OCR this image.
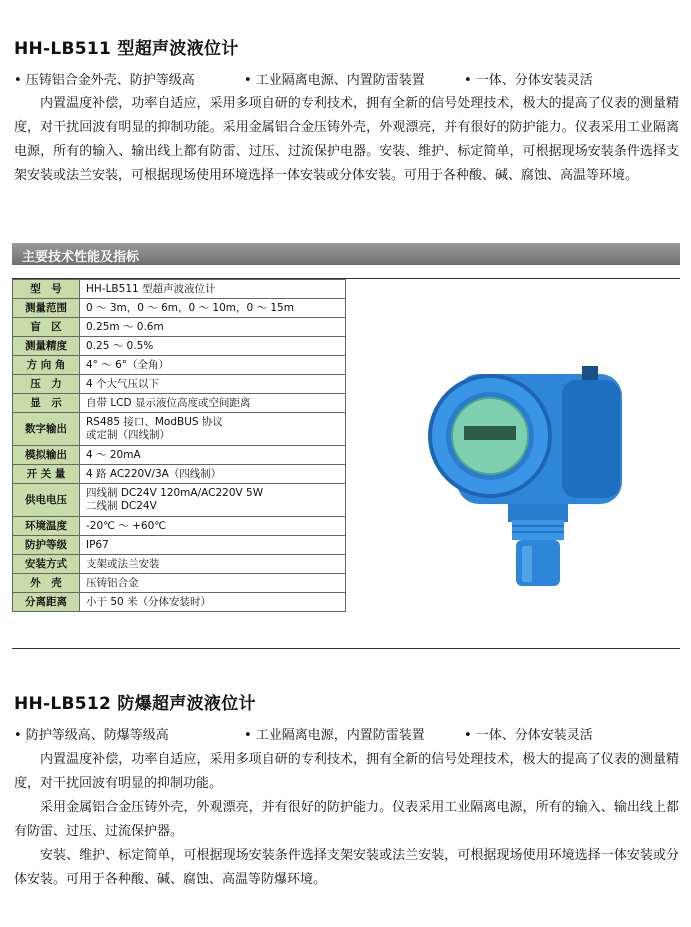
HH-LB511 型超声波液位计
• 压铸铝合金外壳、防护等级高	• 工业隔离电源、内置防雷装置	• 一体、分体安装灵活

内置温度补偿，功率自适应，采用多项自研的专利技术，拥有全新的信号处理技术，极大的提高了仪表的测量精度，对干扰回波有明显的抑制功能。采用金属铝合金压铸外壳，外观漂亮，并有很好的防护能力。仪表采用工业隔离电源，所有的输入、输出线上都有防雷、过压、过流保护电器。安装、维护、标定简单，可根据现场安装条件选择支架安装或法兰安装，可根据现场使用环境选择一体安装或分体安装。可用于各种酸、碱、腐蚀、高温等环境。

主要技术性能及指标
型　号	HH-LB511 型超声波液位计
测量范围	0 ～ 3m，0 ～ 6m，0 ～ 10m，0 ～ 15m
盲　区	0.25m ～ 0.6m
测量精度	0.25 ～ 0.5%
方 向 角	4° ～ 6°（全角）
压　力	4 个大气压以下
显　示	自带 LCD 显示液位高度或空间距离
数字输出	RS485 接口、ModBUS 协议
或定制（四线制）

模拟输出	4 ～ 20mA
开 关 量	4 路 AC220V/3A（四线制）
供电电压	四线制 DC24V 120mA/AC220V 5W
二线制 DC24V

环境温度	-20℃ ～ +60℃
防护等级	IP67
安装方式	支架或法兰安装
外　壳	压铸铝合金
分离距离	小于 50 米（分体安装时）
HH-LB512 防爆超声波液位计
• 防护等级高、防爆等级高	• 工业隔离电源，内置防雷装置	• 一体、分体安装灵活

内置温度补偿，功率自适应，采用多项自研的专利技术，拥有全新的信号处理技术，极大的提高了仪表的测量精度，对干扰回波有明显的抑制功能。

采用金属铝合金压铸外壳，外观漂亮，并有很好的防护能力。仪表采用工业隔离电源，所有的输入、输出线上都有防雷、过压、过流保护器。

安装、维护、标定简单，可根据现场安装条件选择支架安装或法兰安装，可根据现场使用环境选择一体安装或分体安装。可用于各种酸、碱、腐蚀、高温等防爆环境。
